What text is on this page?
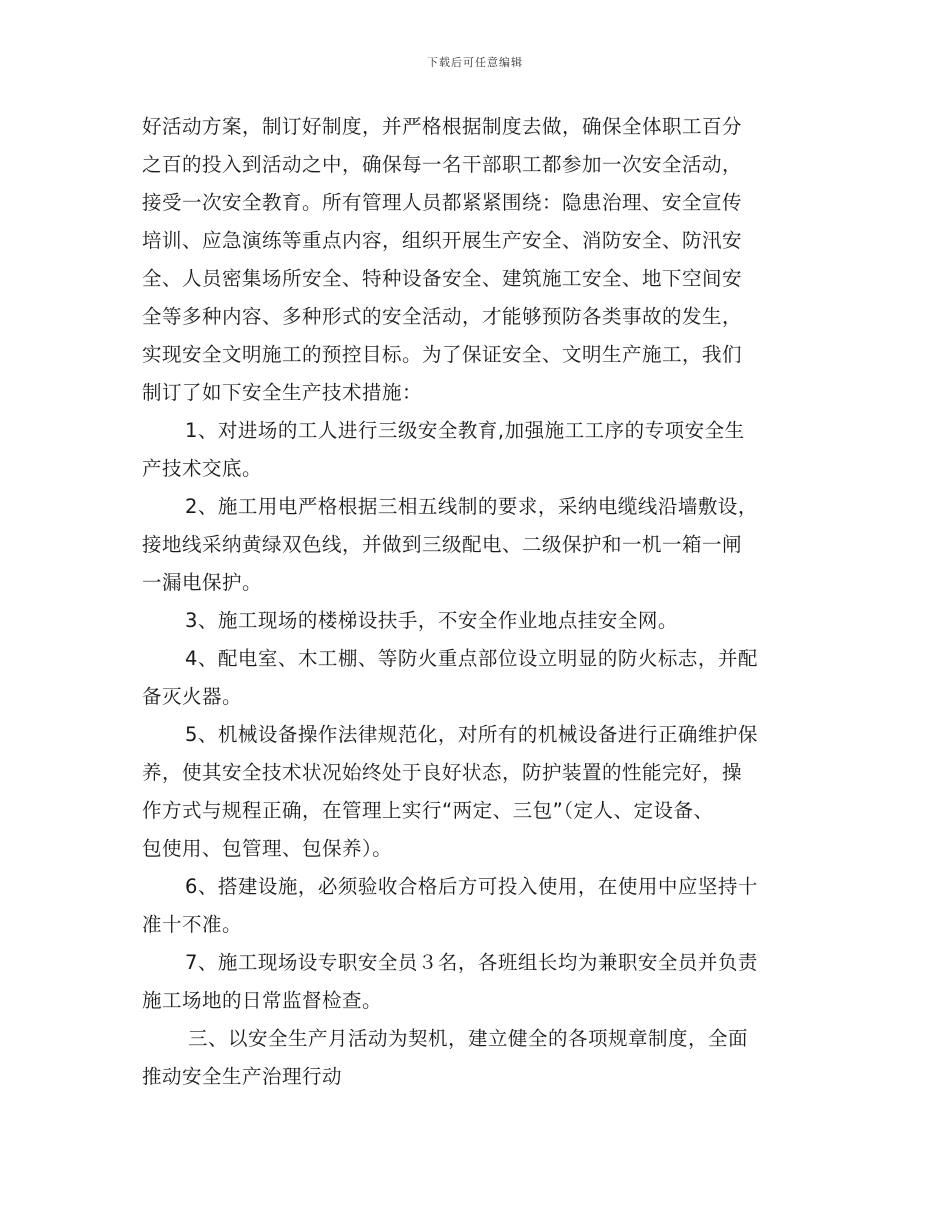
下载后可任意编辑
好活动方案，制订好制度，并严格根据制度去做，确保全体职工百分
之百的投入到活动之中，确保每一名干部职工都参加一次安全活动，
接受一次安全教育。所有管理人员都紧紧围绕：隐患治理、安全宣传
培训、应急演练等重点内容，组织开展生产安全、消防安全、防汛安
全、人员密集场所安全、特种设备安全、建筑施工安全、地下空间安
全等多种内容、多种形式的安全活动，才能够预防各类事故的发生，
实现安全文明施工的预控目标。为了保证安全、文明生产施工，我们
制订了如下安全生产技术措施：
1、对进场的工人进行三级安全教育,加强施工工序的专项安全生
产技术交底。
2、施工用电严格根据三相五线制的要求，采纳电缆线沿墙敷设，
接地线采纳黄绿双色线，并做到三级配电、二级保护和一机一箱一闸
一漏电保护。
3、施工现场的楼梯设扶手，不安全作业地点挂安全网。
4、配电室、木工棚、等防火重点部位设立明显的防火标志，并配
备灭火器。
5、机械设备操作法律规范化，对所有的机械设备进行正确维护保
养，使其安全技术状况始终处于良好状态，防护装置的性能完好，操
作方式与规程正确，在管理上实行“两定、三包”（定人、定设备、
包使用、包管理、包保养）。
6、搭建设施，必须验收合格后方可投入使用，在使用中应坚持十
准十不准。
7、施工现场设专职安全员３名，各班组长均为兼职安全员并负责
施工场地的日常监督检查。
三、以安全生产月活动为契机，建立健全的各项规章制度，全面
推动安全生产治理行动
